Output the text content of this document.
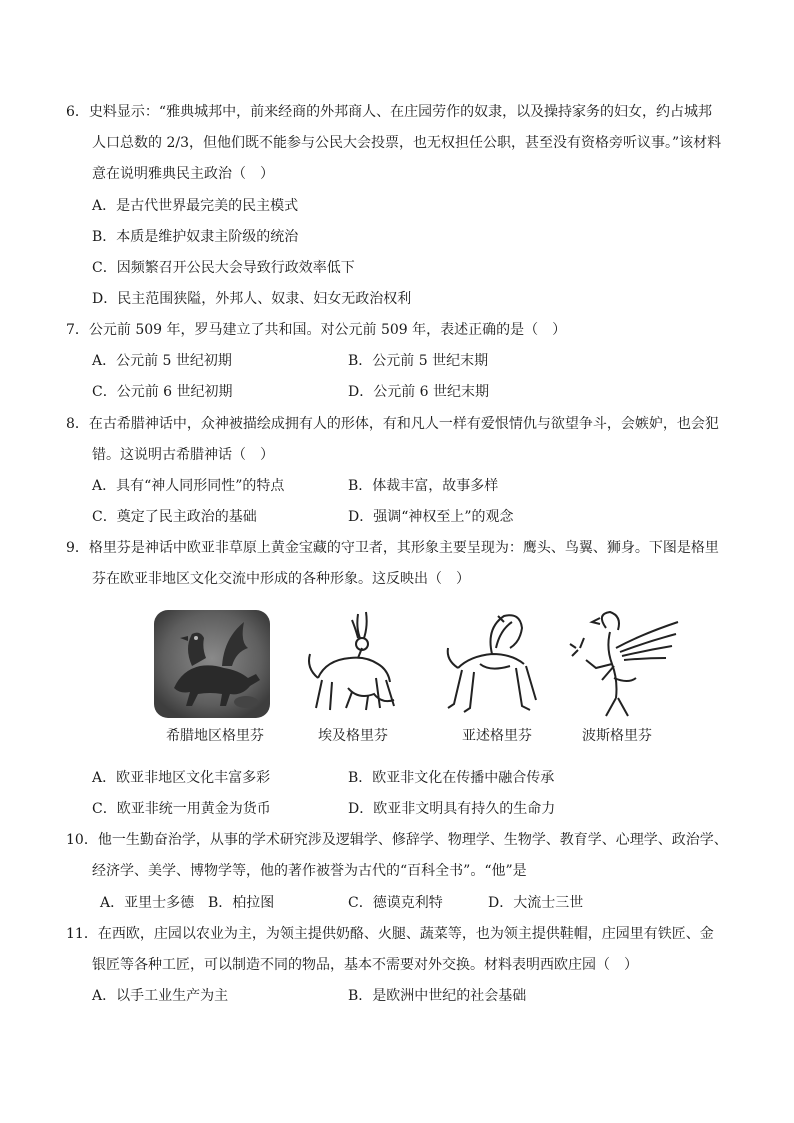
6．史料显示：“雅典城邦中，前来经商的外邦商人、在庄园劳作的奴隶，以及操持家务的妇女，约占城邦
人口总数的 2/3，但他们既不能参与公民大会投票，也无权担任公职，甚至没有资格旁听议事。”该材料
意在说明雅典民主政治（　）
A．是古代世界最完美的民主模式
B．本质是维护奴隶主阶级的统治
C．因频繁召开公民大会导致行政效率低下
D．民主范围狭隘，外邦人、奴隶、妇女无政治权利
7．公元前 509 年，罗马建立了共和国。对公元前 509 年，表述正确的是（　）
A．公元前 5 世纪初期	B．公元前 5 世纪末期
C．公元前 6 世纪初期	D．公元前 6 世纪末期
8．在古希腊神话中，众神被描绘成拥有人的形体，有和凡人一样有爱恨情仇与欲望争斗，会嫉妒，也会犯
错。这说明古希腊神话（　）
A．具有“神人同形同性”的特点	B．体裁丰富，故事多样
C．奠定了民主政治的基础	D．强调“神权至上”的观念
9．格里芬是神话中欧亚非草原上黄金宝藏的守卫者，其形象主要呈现为：鹰头、鸟翼、狮身。下图是格里
芬在欧亚非地区文化交流中形成的各种形象。这反映出（　）
希腊地区格里芬	埃及格里芬	亚述格里芬	波斯格里芬
A．欧亚非地区文化丰富多彩	B．欧亚非文化在传播中融合传承
C．欧亚非统一用黄金为货币	D．欧亚非文明具有持久的生命力
10．他一生勤奋治学，从事的学术研究涉及逻辑学、修辞学、物理学、生物学、教育学、心理学、政治学、
经济学、美学、博物学等，他的著作被誉为古代的“百科全书”。“他”是
A．亚里士多德 B．柏拉图	C．德谟克利特	D．大流士三世
11．在西欧，庄园以农业为主，为领主提供奶酪、火腿、蔬菜等，也为领主提供鞋帽，庄园里有铁匠、金
银匠等各种工匠，可以制造不同的物品，基本不需要对外交换。材料表明西欧庄园（　）
A．以手工业生产为主	B．是欧洲中世纪的社会基础
